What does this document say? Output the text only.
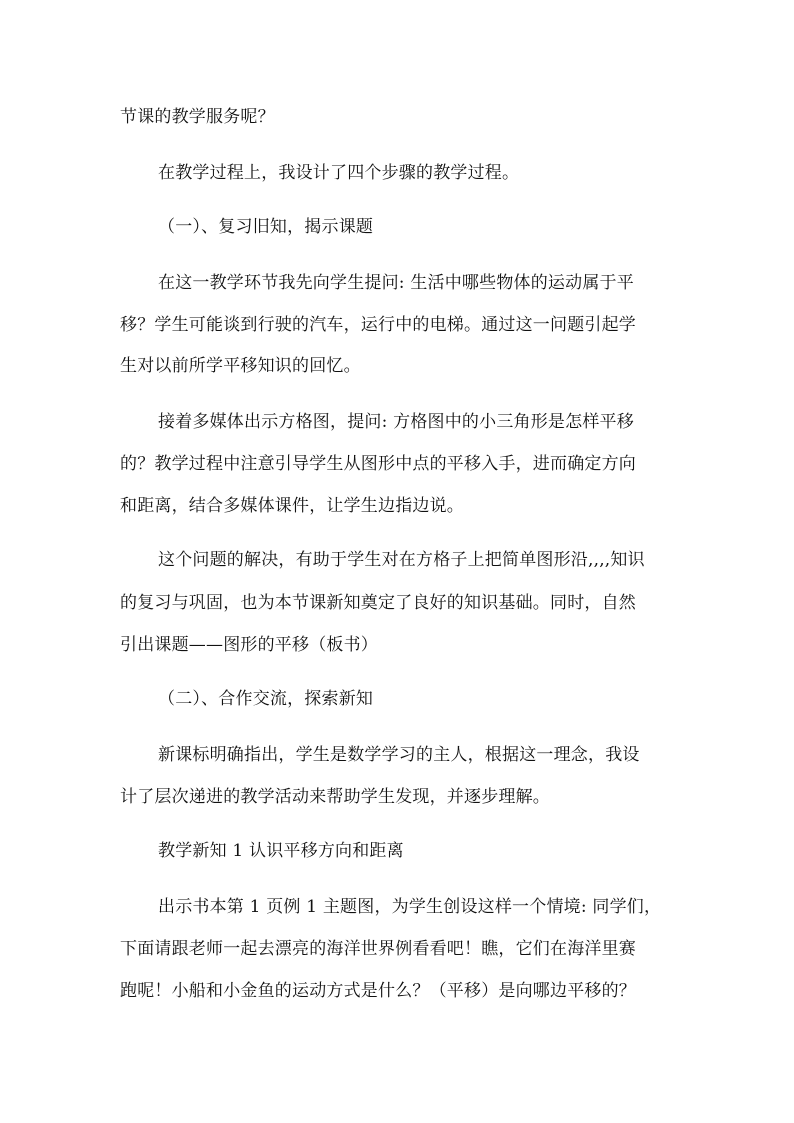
节课的教学服务呢？
在教学过程上，我设计了四个步骤的教学过程。
（一）、复习旧知，揭示课题
在这一教学环节我先向学生提问: 生活中哪些物体的运动属于平
移？学生可能谈到行驶的汽车，运行中的电梯。通过这一问题引起学
生对以前所学平移知识的回忆。
接着多媒体出示方格图，提问: 方格图中的小三角形是怎样平移
的？教学过程中注意引导学生从图形中点的平移入手，进而确定方向
和距离，结合多媒体课件，让学生边指边说。
这个问题的解决，有助于学生对在方格子上把简单图形沿,,,,知识
的复习与巩固，也为本节课新知奠定了良好的知识基础。同时，自然
引出课题——图形的平移（板书）
（二）、合作交流，探索新知
新课标明确指出，学生是数学学习的主人，根据这一理念，我设
计了层次递进的教学活动来帮助学生发现，并逐步理解。
教学新知 1 认识平移方向和距离
出示书本第 1 页例 1 主题图，为学生创设这样一个情境: 同学们，
下面请跟老师一起去漂亮的海洋世界例看看吧！瞧，它们在海洋里赛
跑呢！小船和小金鱼的运动方式是什么？（平移）是向哪边平移的？
